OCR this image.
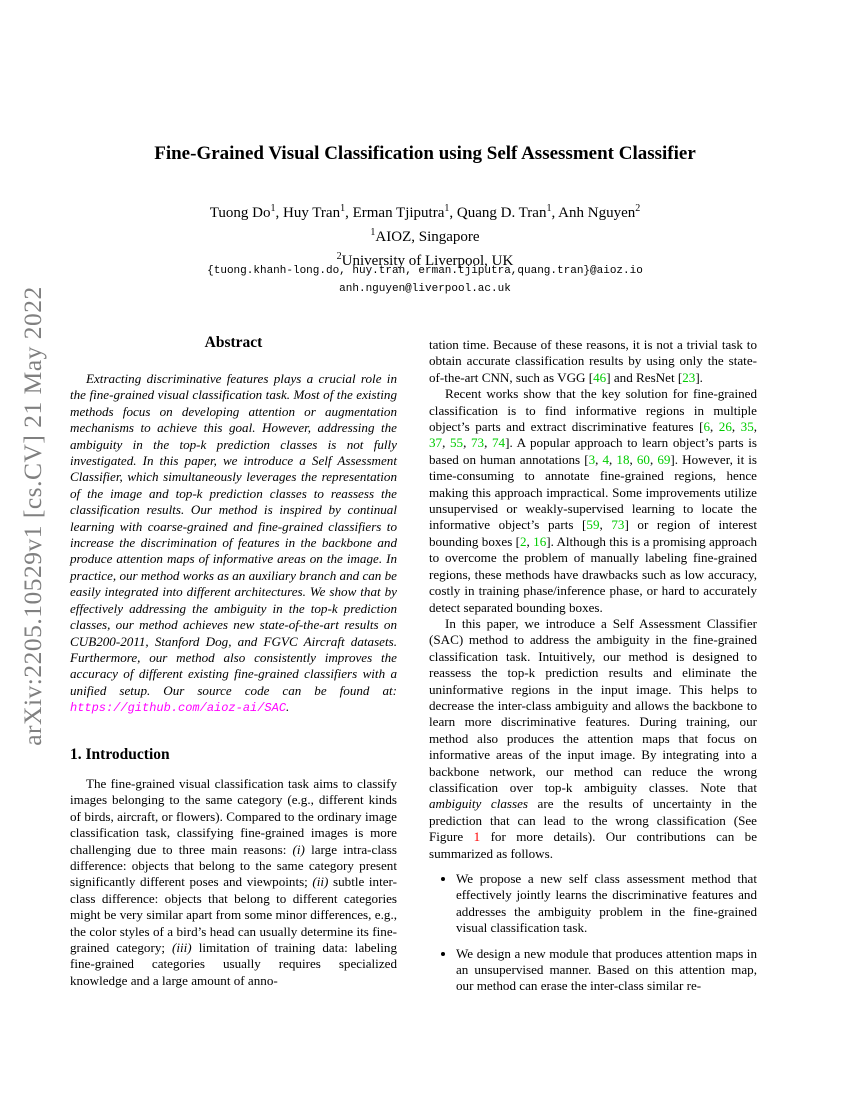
arXiv:2205.10529v1 [cs.CV] 21 May 2022
Fine-Grained Visual Classification using Self Assessment Classifier
Tuong Do$^1$, Huy Tran$^1$, Erman Tjiputra$^1$, Quang D. Tran$^1$, Anh Nguyen$^2$
$^1$AIOZ, Singapore
$^2$University of Liverpool, UK
{tuong.khanh-long.do, huy.tran, erman.tjiputra,quang.tran}@aioz.io
anh.nguyen@liverpool.ac.uk
Abstract

Extracting discriminative features plays a crucial role in the fine-grained visual classification task. Most of the existing methods focus on developing attention or augmentation mechanisms to achieve this goal. However, addressing the ambiguity in the top-k prediction classes is not fully investigated. In this paper, we introduce a Self Assessment Classifier, which simultaneously leverages the representation of the image and top-k prediction classes to reassess the classification results. Our method is inspired by continual learning with coarse-grained and fine-grained classifiers to increase the discrimination of features in the backbone and produce attention maps of informative areas on the image. In practice, our method works as an auxiliary branch and can be easily integrated into different architectures. We show that by effectively addressing the ambiguity in the top-k prediction classes, our method achieves new state-of-the-art results on CUB200-2011, Stanford Dog, and FGVC Aircraft datasets. Furthermore, our method also consistently improves the accuracy of different existing fine-grained classifiers with a unified setup. Our source code can be found at: https://github.com/aioz-ai/SAC.

1. Introduction

The fine-grained visual classification task aims to classify images belonging to the same category (e.g., different kinds of birds, aircraft, or flowers). Compared to the ordinary image classification task, classifying fine-grained images is more challenging due to three main reasons: (i) large intra-class difference: objects that belong to the same category present significantly different poses and viewpoints; (ii) subtle inter-class difference: objects that belong to different categories might be very similar apart from some minor differences, e.g., the color styles of a bird’s head can usually determine its fine-grained category; (iii) limitation of training data: labeling fine-grained categories usually requires specialized knowledge and a large amount of anno-

tation time. Because of these reasons, it is not a trivial task to obtain accurate classification results by using only the state-of-the-art CNN, such as VGG [46] and ResNet [23].

Recent works show that the key solution for fine-grained classification is to find informative regions in multiple object’s parts and extract discriminative features [6, 26, 35, 37, 55, 73, 74]. A popular approach to learn object’s parts is based on human annotations [3, 4, 18, 60, 69]. However, it is time-consuming to annotate fine-grained regions, hence making this approach impractical. Some improvements utilize unsupervised or weakly-supervised learning to locate the informative object’s parts [59, 73] or region of interest bounding boxes [2, 16]. Although this is a promising approach to overcome the problem of manually labeling fine-grained regions, these methods have drawbacks such as low accuracy, costly in training phase/inference phase, or hard to accurately detect separated bounding boxes.

In this paper, we introduce a Self Assessment Classifier (SAC) method to address the ambiguity in the fine-grained classification task. Intuitively, our method is designed to reassess the top-k prediction results and eliminate the uninformative regions in the input image. This helps to decrease the inter-class ambiguity and allows the backbone to learn more discriminative features. During training, our method also produces the attention maps that focus on informative areas of the input image. By integrating into a backbone network, our method can reduce the wrong classification over top-k ambiguity classes. Note that ambiguity classes are the results of uncertainty in the prediction that can lead to the wrong classification (See Figure 1 for more details). Our contributions can be summarized as follows.

• We propose a new self class assessment method that effectively jointly learns the discriminative features and addresses the ambiguity problem in the fine-grained visual classification task.
• We design a new module that produces attention maps in an unsupervised manner. Based on this attention map, our method can erase the inter-class similar re-
